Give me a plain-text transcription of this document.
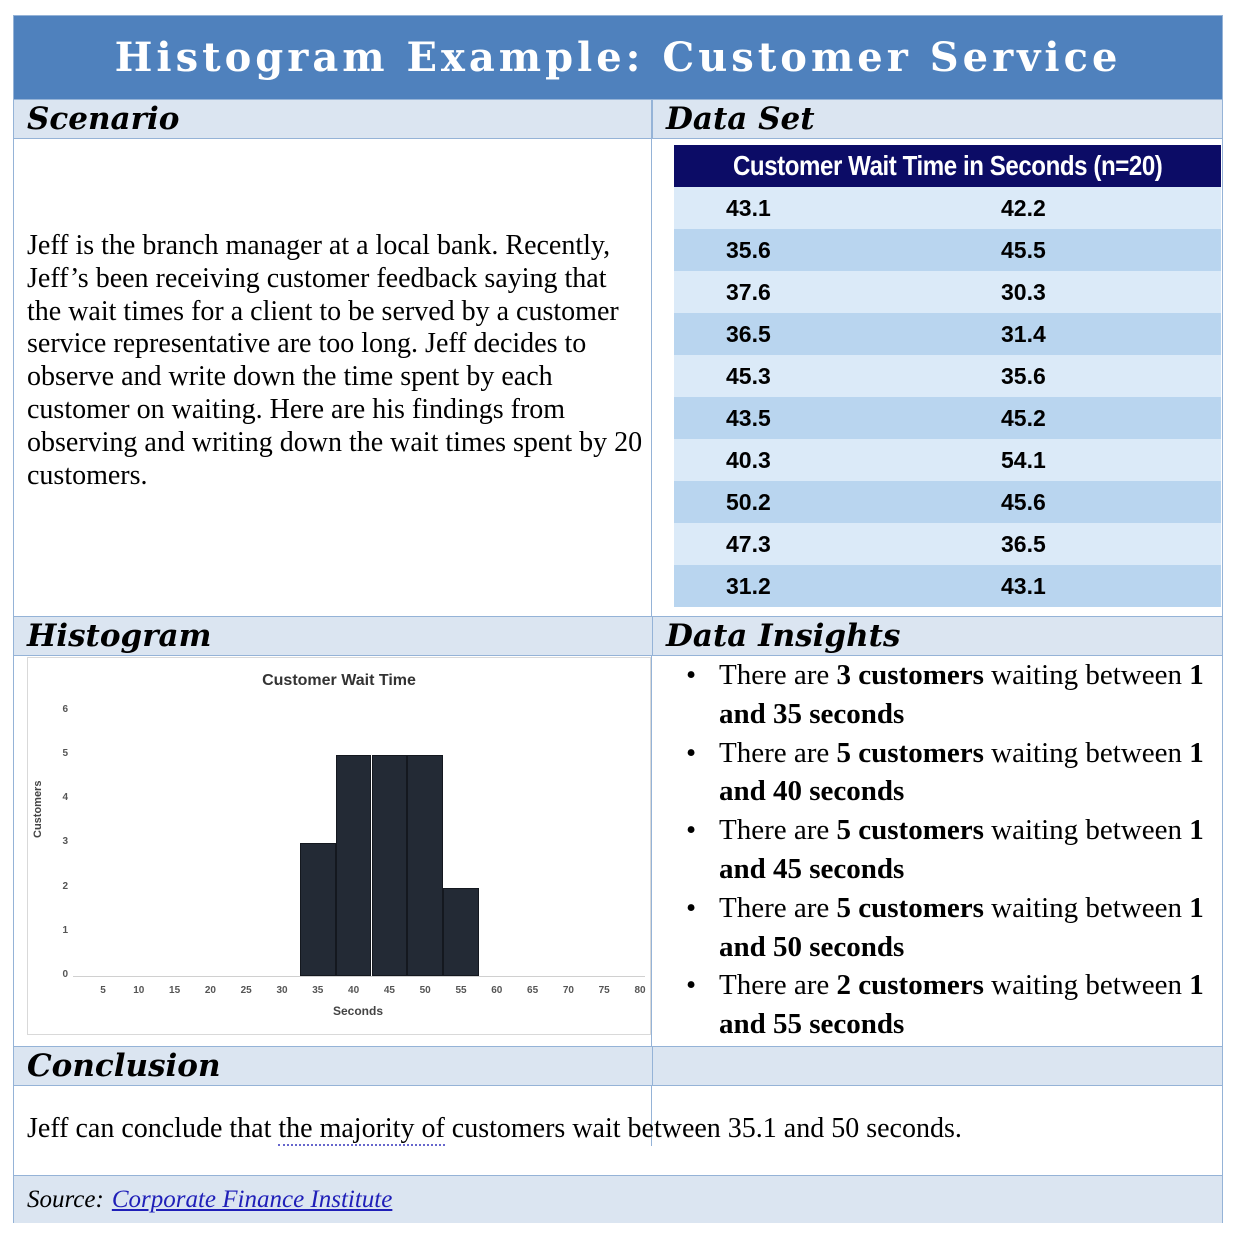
Histogram Example: Customer Service
Scenario	Data Set

Jeff is the branch manager at a local bank. Recently, Jeff’s been receiving customer feedback saying that the wait times for a client to be served by a customer service representative are too long. Jeff decides to observe and write down the time spent by each customer on waiting. Here are his findings from observing and writing down the wait times spent by 20 customers.

Customer Wait Time in Seconds (n=20)
43.1	42.2
35.6	45.5
37.6	30.3
36.5	31.4
45.3	35.6
43.5	45.2
40.3	54.1
50.2	45.6
47.3	36.5
31.2	43.1
Histogram	Data Insights
Customer Wait Time
Customers
0
1
2
3
4
5
6
5	10	15	20	25	30	35	40	45	50	55	60	65	70	75	80
Seconds
• There are 3 customers waiting between 1 and 35 seconds
• There are 5 customers waiting between 1 and 40 seconds
• There are 5 customers waiting between 1 and 45 seconds
• There are 5 customers waiting between 1 and 50 seconds
• There are 2 customers waiting between 1 and 55 seconds
Conclusion

Jeff can conclude that the majority of customers wait between 35.1 and 50 seconds.

Source: Corporate Finance Institute
